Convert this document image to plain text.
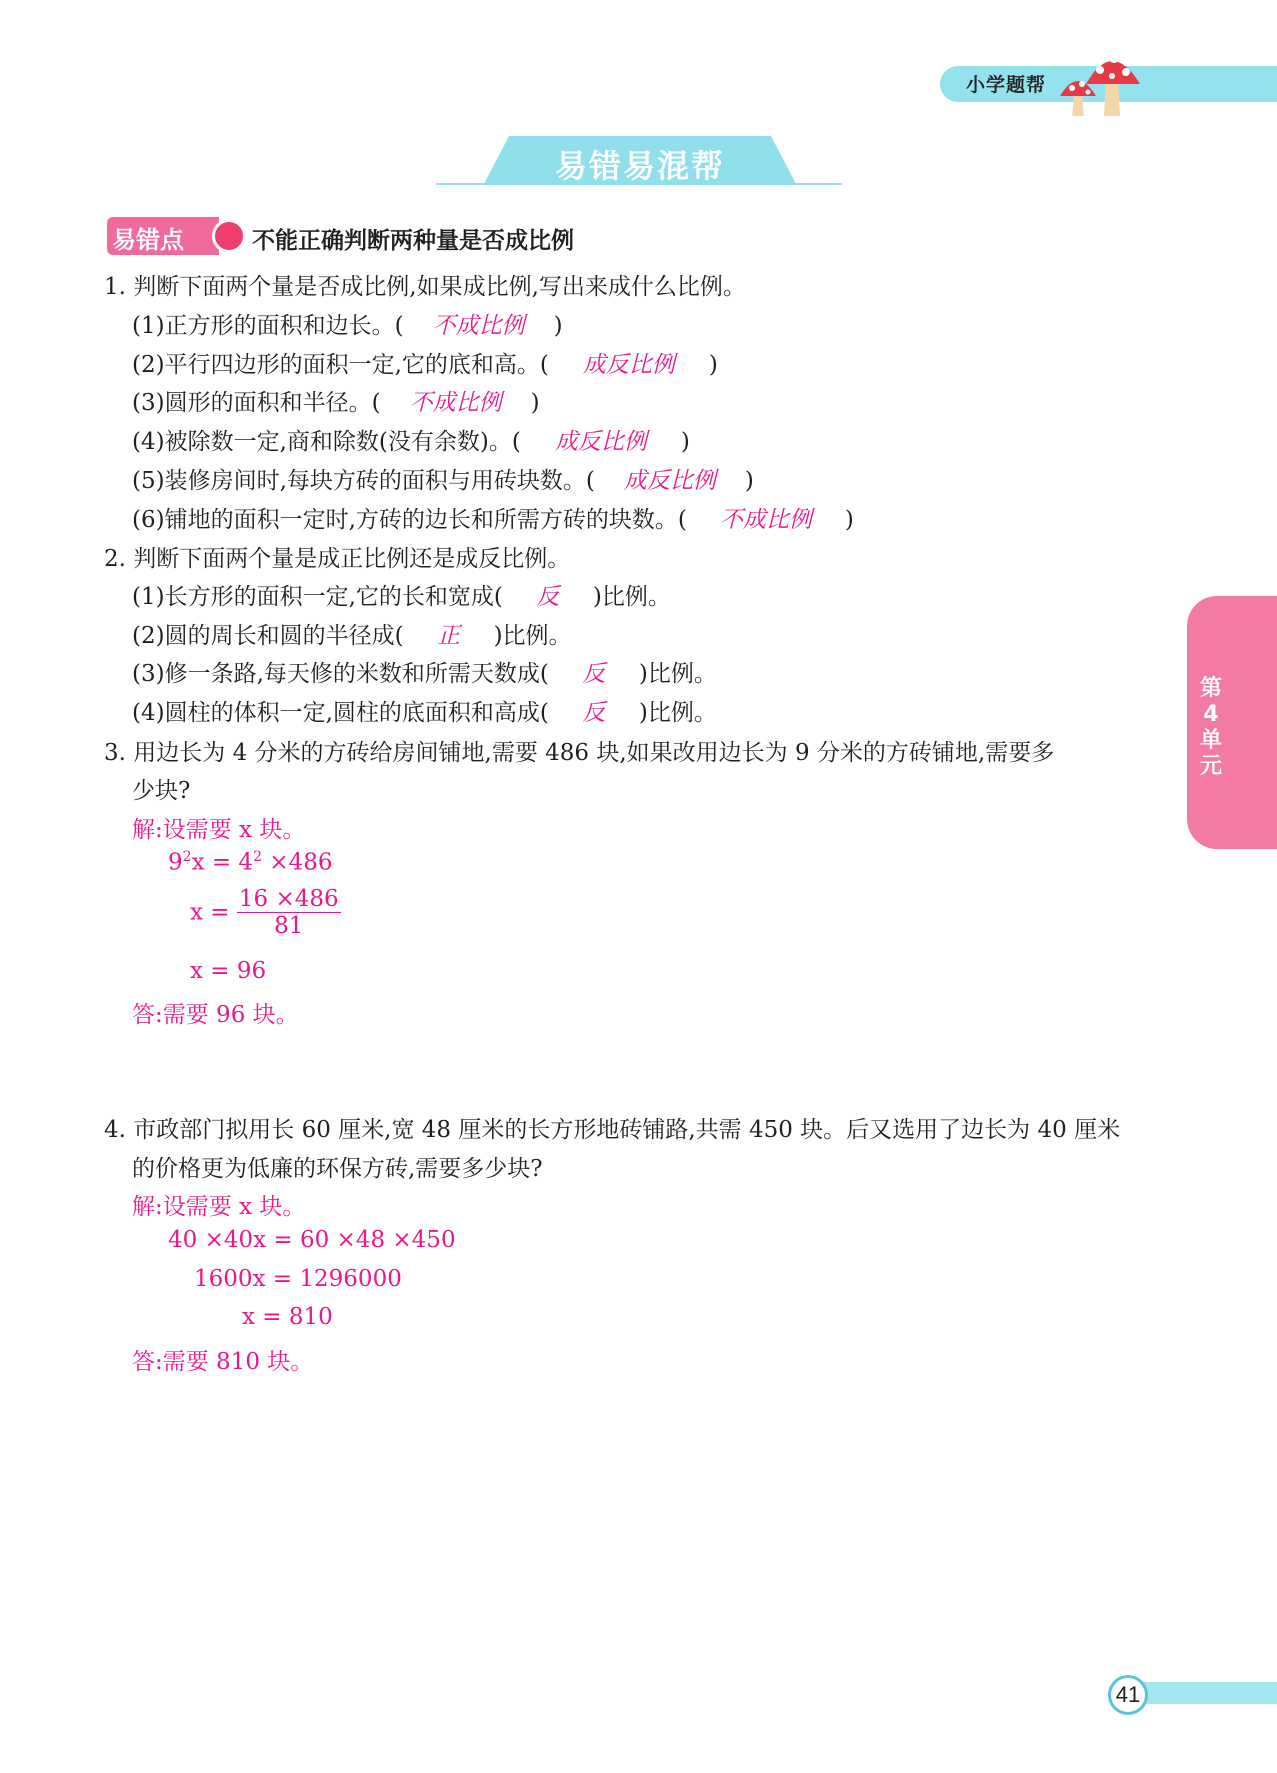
小学题帮
易错易混帮
易错点	不能正确判断两种量是否成比例
第
4
单
元
1. 判断下面两个量是否成比例,如果成比例,写出来成什么比例。
(1)正方形的面积和边长。( 不成比例 )
(2)平行四边形的面积一定,它的底和高。( 成反比例 )
(3)圆形的面积和半径。( 不成比例 )
(4)被除数一定,商和除数(没有余数)。( 成反比例 )
(5)装修房间时,每块方砖的面积与用砖块数。( 成反比例 )
(6)铺地的面积一定时,方砖的边长和所需方砖的块数。( 不成比例 )
2. 判断下面两个量是成正比例还是成反比例。
(1)长方形的面积一定,它的长和宽成( 反 )比例。
(2)圆的周长和圆的半径成( 正 )比例。
(3)修一条路,每天修的米数和所需天数成( 反 )比例。
(4)圆柱的体积一定,圆柱的底面积和高成( 反 )比例。
3. 用边长为 4 分米的方砖给房间铺地,需要 486 块,如果改用边长为 9 分米的方砖铺地,需要多
少块?
解:设需要 x 块。
$9^2x = 4^2 \times 486$
$x = \frac{16 \times 486}{81}$
x = 96
答:需要 96 块。
4. 市政部门拟用长 60 厘米,宽 48 厘米的长方形地砖铺路,共需 450 块。后又选用了边长为 40 厘米
的价格更为低廉的环保方砖,需要多少块?
解:设需要 x 块。
40 ×40x = 60 ×48 ×450
1600x = 1296000
x = 810
答:需要 810 块。
41
